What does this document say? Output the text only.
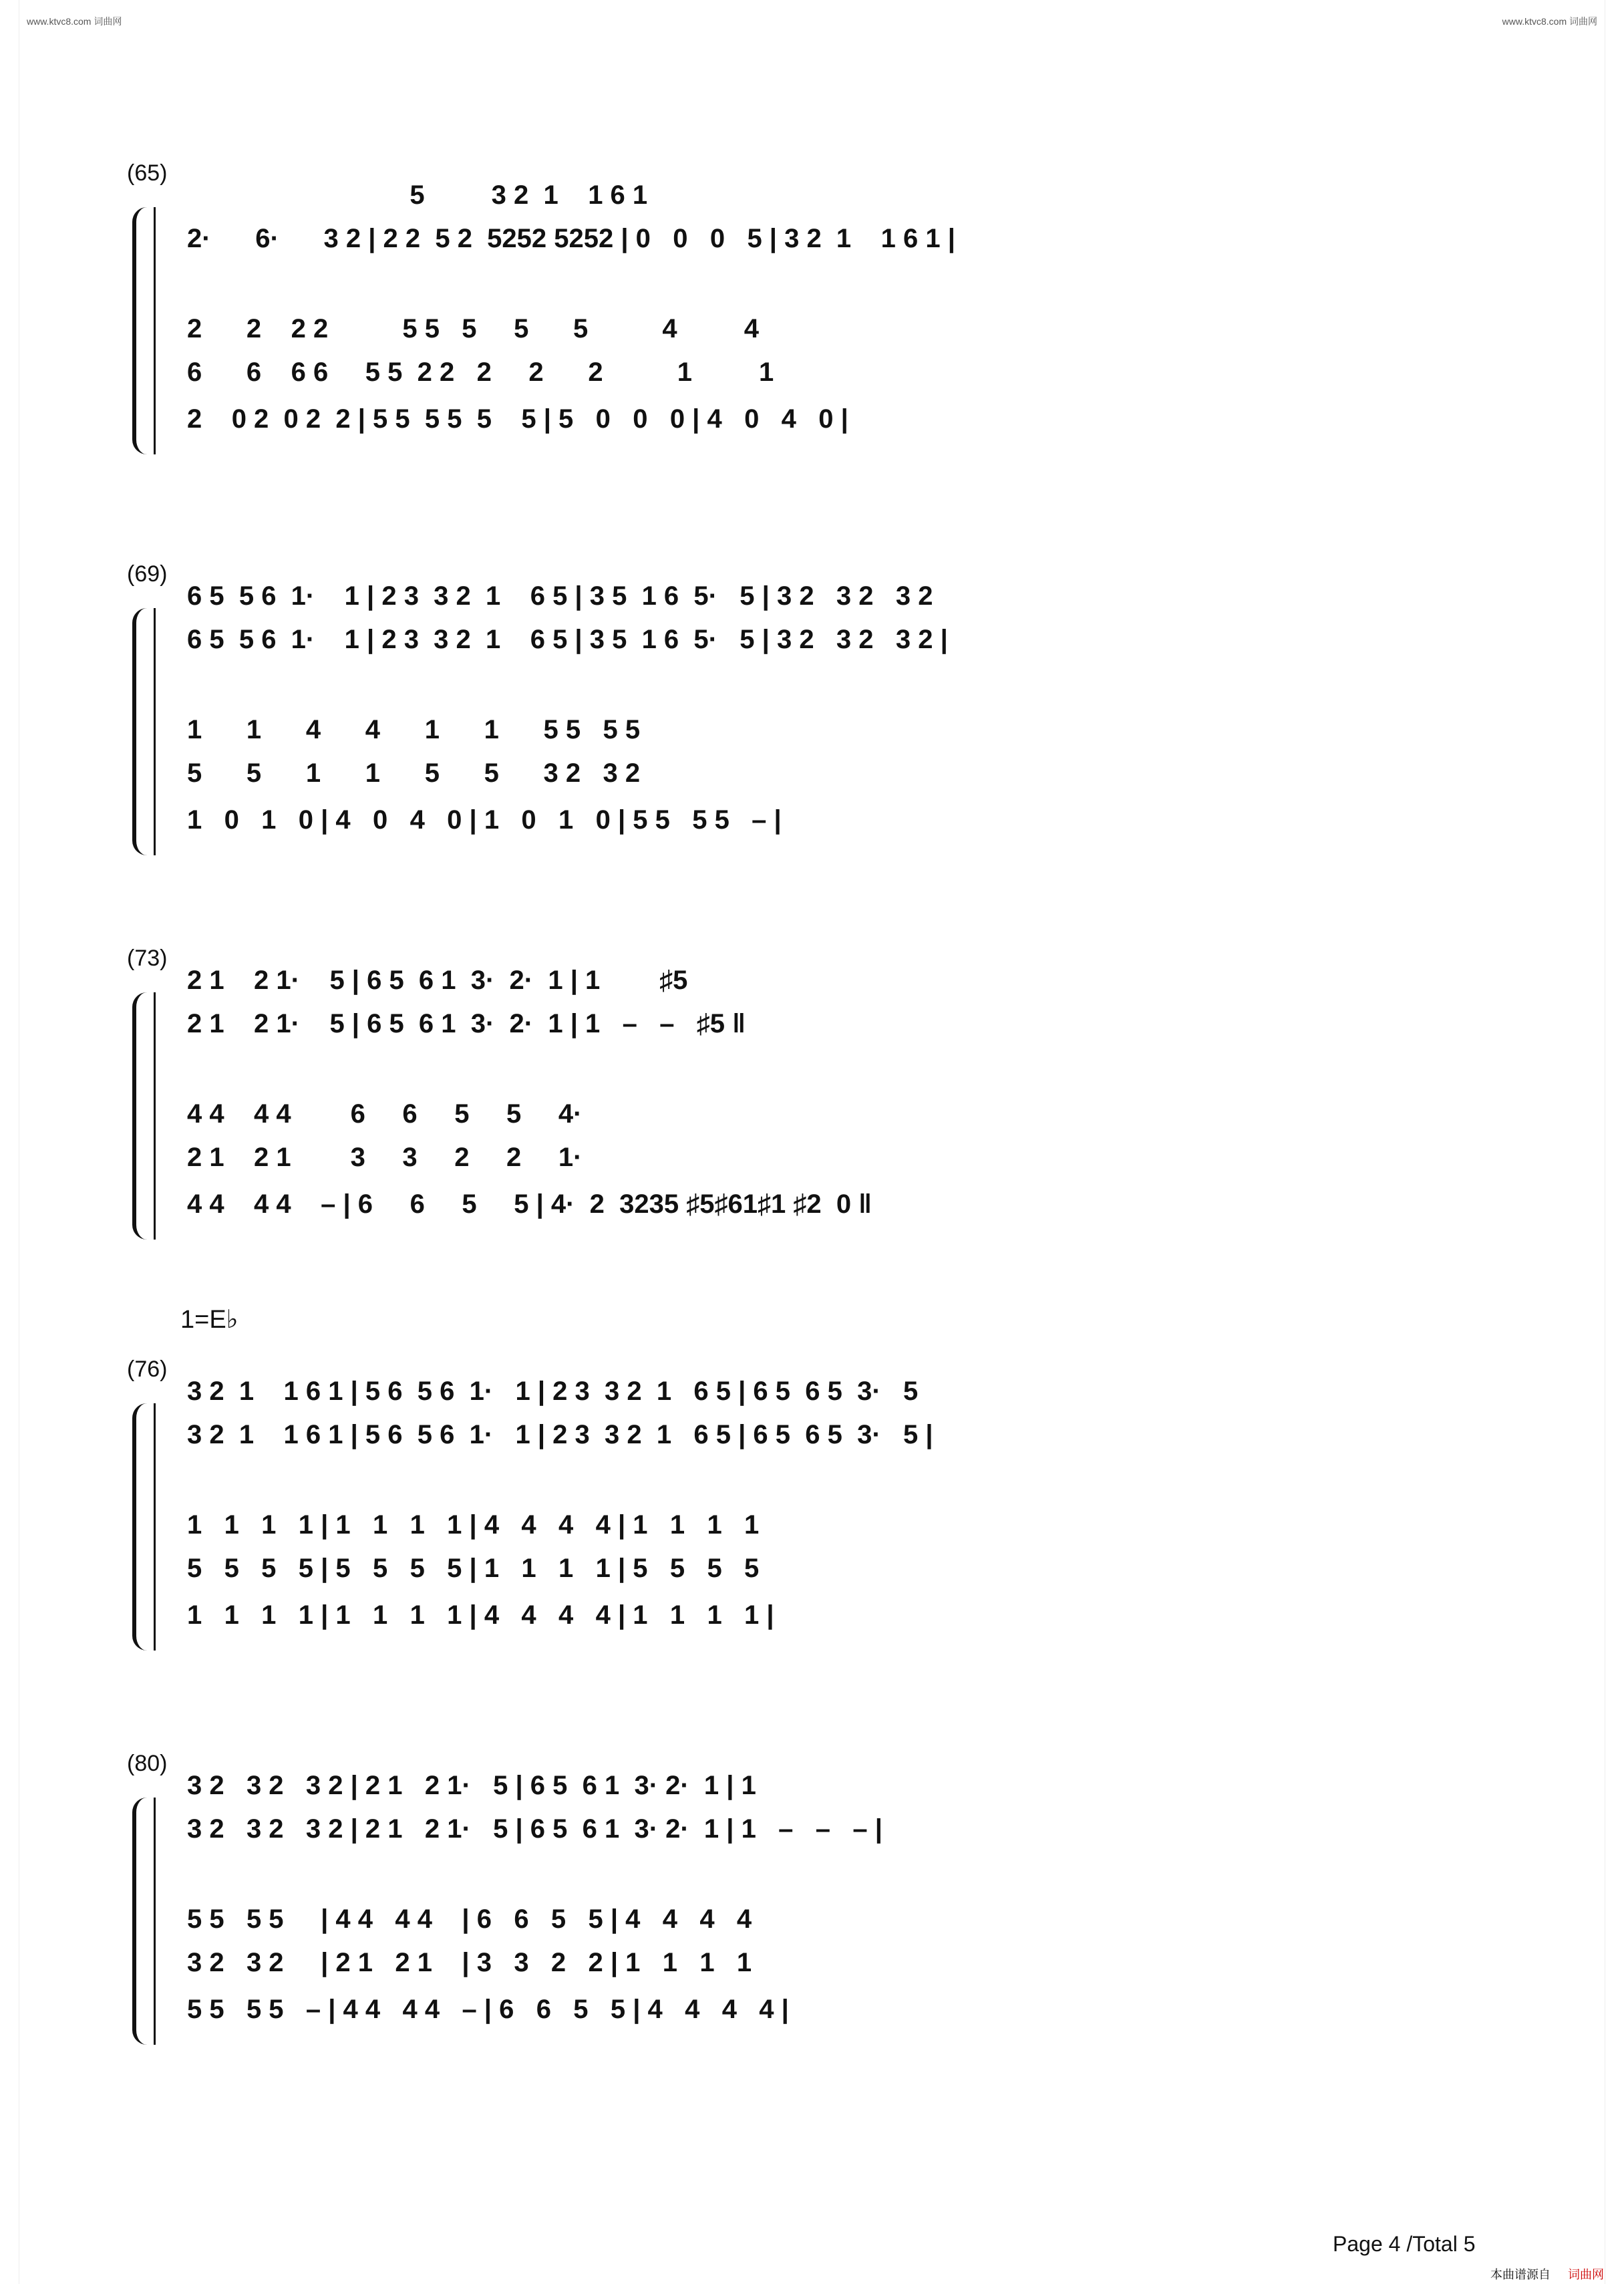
www.ktvc8.com 词曲网	www.ktvc8.com 词曲网
(65)
5         3 2  1    1 6 1
2·      6·      3 2 | 2 2  5 2  5252 5252 | 0   0   0   5 | 3 2  1    1 6 1 |
2      2    2 2          5 5   5     5      5          4         4
6      6    6 6     5 5  2 2   2     2      2          1         1
2    0 2  0 2  2 | 5 5  5 5  5    5 | 5   0   0   0 | 4   0   4   0 |
(69)
6 5  5 6  1·    1 | 2 3  3 2  1    6 5 | 3 5  1 6  5·   5 | 3 2   3 2   3 2
6 5  5 6  1·    1 | 2 3  3 2  1    6 5 | 3 5  1 6  5·   5 | 3 2   3 2   3 2 |
1      1      4      4      1      1      5 5   5 5
5      5      1      1      5      5      3 2   3 2
1   0   1   0 | 4   0   4   0 | 1   0   1   0 | 5 5   5 5   – |
(73)
2 1    2 1·    5 | 6 5  6 1  3·  2·  1 | 1        ♯5
2 1    2 1·    5 | 6 5  6 1  3·  2·  1 | 1   –   –   ♯5 ‖
4 4    4 4        6     6     5     5     4·
2 1    2 1        3     3     2     2     1·
4 4    4 4    – | 6     6     5     5 | 4·  2  3235 ♯5♯61♯1 ♯2  0 ‖
1=E♭
(76)
3 2  1    1 6 1 | 5 6  5 6  1·   1 | 2 3  3 2  1   6 5 | 6 5  6 5  3·   5
3 2  1    1 6 1 | 5 6  5 6  1·   1 | 2 3  3 2  1   6 5 | 6 5  6 5  3·   5 |
1   1   1   1 | 1   1   1   1 | 4   4   4   4 | 1   1   1   1
5   5   5   5 | 5   5   5   5 | 1   1   1   1 | 5   5   5   5
1   1   1   1 | 1   1   1   1 | 4   4   4   4 | 1   1   1   1 |
(80)
3 2   3 2   3 2 | 2 1   2 1·   5 | 6 5  6 1  3· 2·  1 | 1
3 2   3 2   3 2 | 2 1   2 1·   5 | 6 5  6 1  3· 2·  1 | 1   –   –   – |
5 5   5 5     | 4 4   4 4    | 6   6   5   5 | 4   4   4   4
3 2   3 2     | 2 1   2 1    | 3   3   2   2 | 1   1   1   1
5 5   5 5   – | 4 4   4 4   – | 6   6   5   5 | 4   4   4   4 |
Page 4 /Total 5
本曲谱源自 词曲网
